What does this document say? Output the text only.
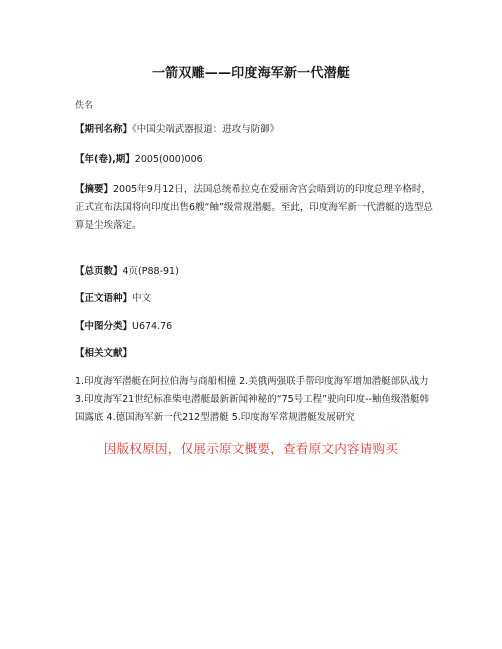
一箭双雕——印度海军新一代潜艇
佚名
【期刊名称】《中国尖端武器报道：进攻与防御》
【年(卷),期】2005(000)006
【摘要】2005年9月12日，法国总统希拉克在爱丽舍宫会晤到访的印度总理辛格时，正式宣布法国将向印度出售6艘“鲉”级常规潜艇。至此，印度海军新一代潜艇的选型总算是尘埃落定。
【总页数】4页(P88-91)
【正文语种】中文
【中图分类】U674.76
【相关文献】
1.印度海军潜艇在阿拉伯海与商船相撞 2.美俄两强联手帮印度海军增加潜艇部队战力 3.印度海军21世纪标准柴电潜艇最新新闻神秘的“75号工程”驶向印度--鲉鱼级潜艇韩国露底 4.德国海军新一代212型潜艇 5.印度海军常规潜艇发展研究
因版权原因，仅展示原文概要，查看原文内容请购买
